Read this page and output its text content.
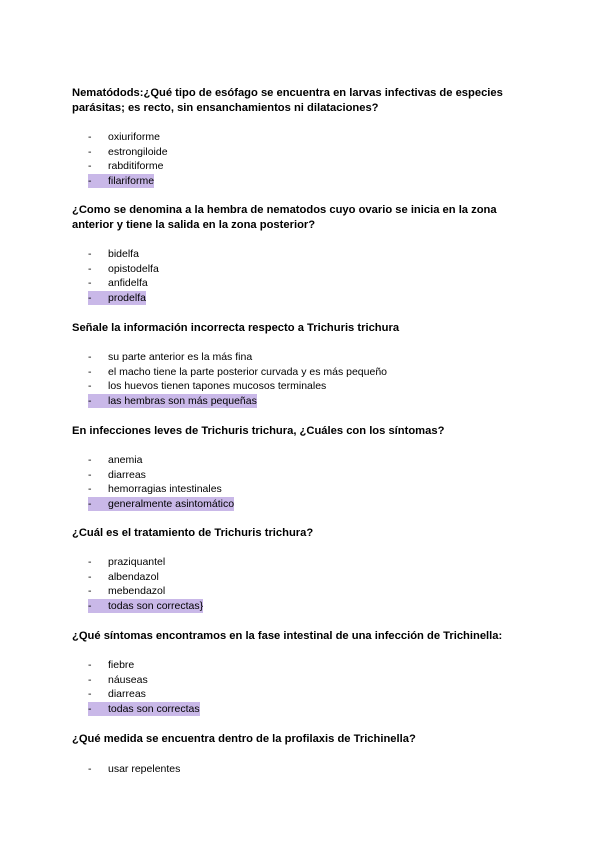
Nematódods:¿Qué tipo de esófago se encuentra en larvas infectivas de especies parásitas; es recto, sin ensanchamientos ni dilataciones?

-	oxiuriforme
-	estrongiloide
-	rabditiforme
-	filariforme

¿Como se denomina a la hembra de nematodos cuyo ovario se inicia en la zona anterior y tiene la salida en la zona posterior?

-	bidelfa
-	opistodelfa
-	anfidelfa
-	prodelfa

Señale la información incorrecta respecto a Trichuris trichura

-	su parte anterior es la más fina
-	el macho tiene la parte posterior curvada y es más pequeño
-	los huevos tienen tapones mucosos terminales
-	las hembras son más pequeñas

En infecciones leves de Trichuris trichura, ¿Cuáles con los síntomas?

-	anemia
-	diarreas
-	hemorragias intestinales
-	generalmente asintomático

¿Cuál es el tratamiento de Trichuris trichura?

-	praziquantel
-	albendazol
-	mebendazol
-	todas son correctas}

¿Qué síntomas encontramos en la fase intestinal de una infección de Trichinella:

-	fiebre
-	náuseas
-	diarreas
-	todas son correctas

¿Qué medida se encuentra dentro de la profilaxis de Trichinella?

-	usar repelentes
